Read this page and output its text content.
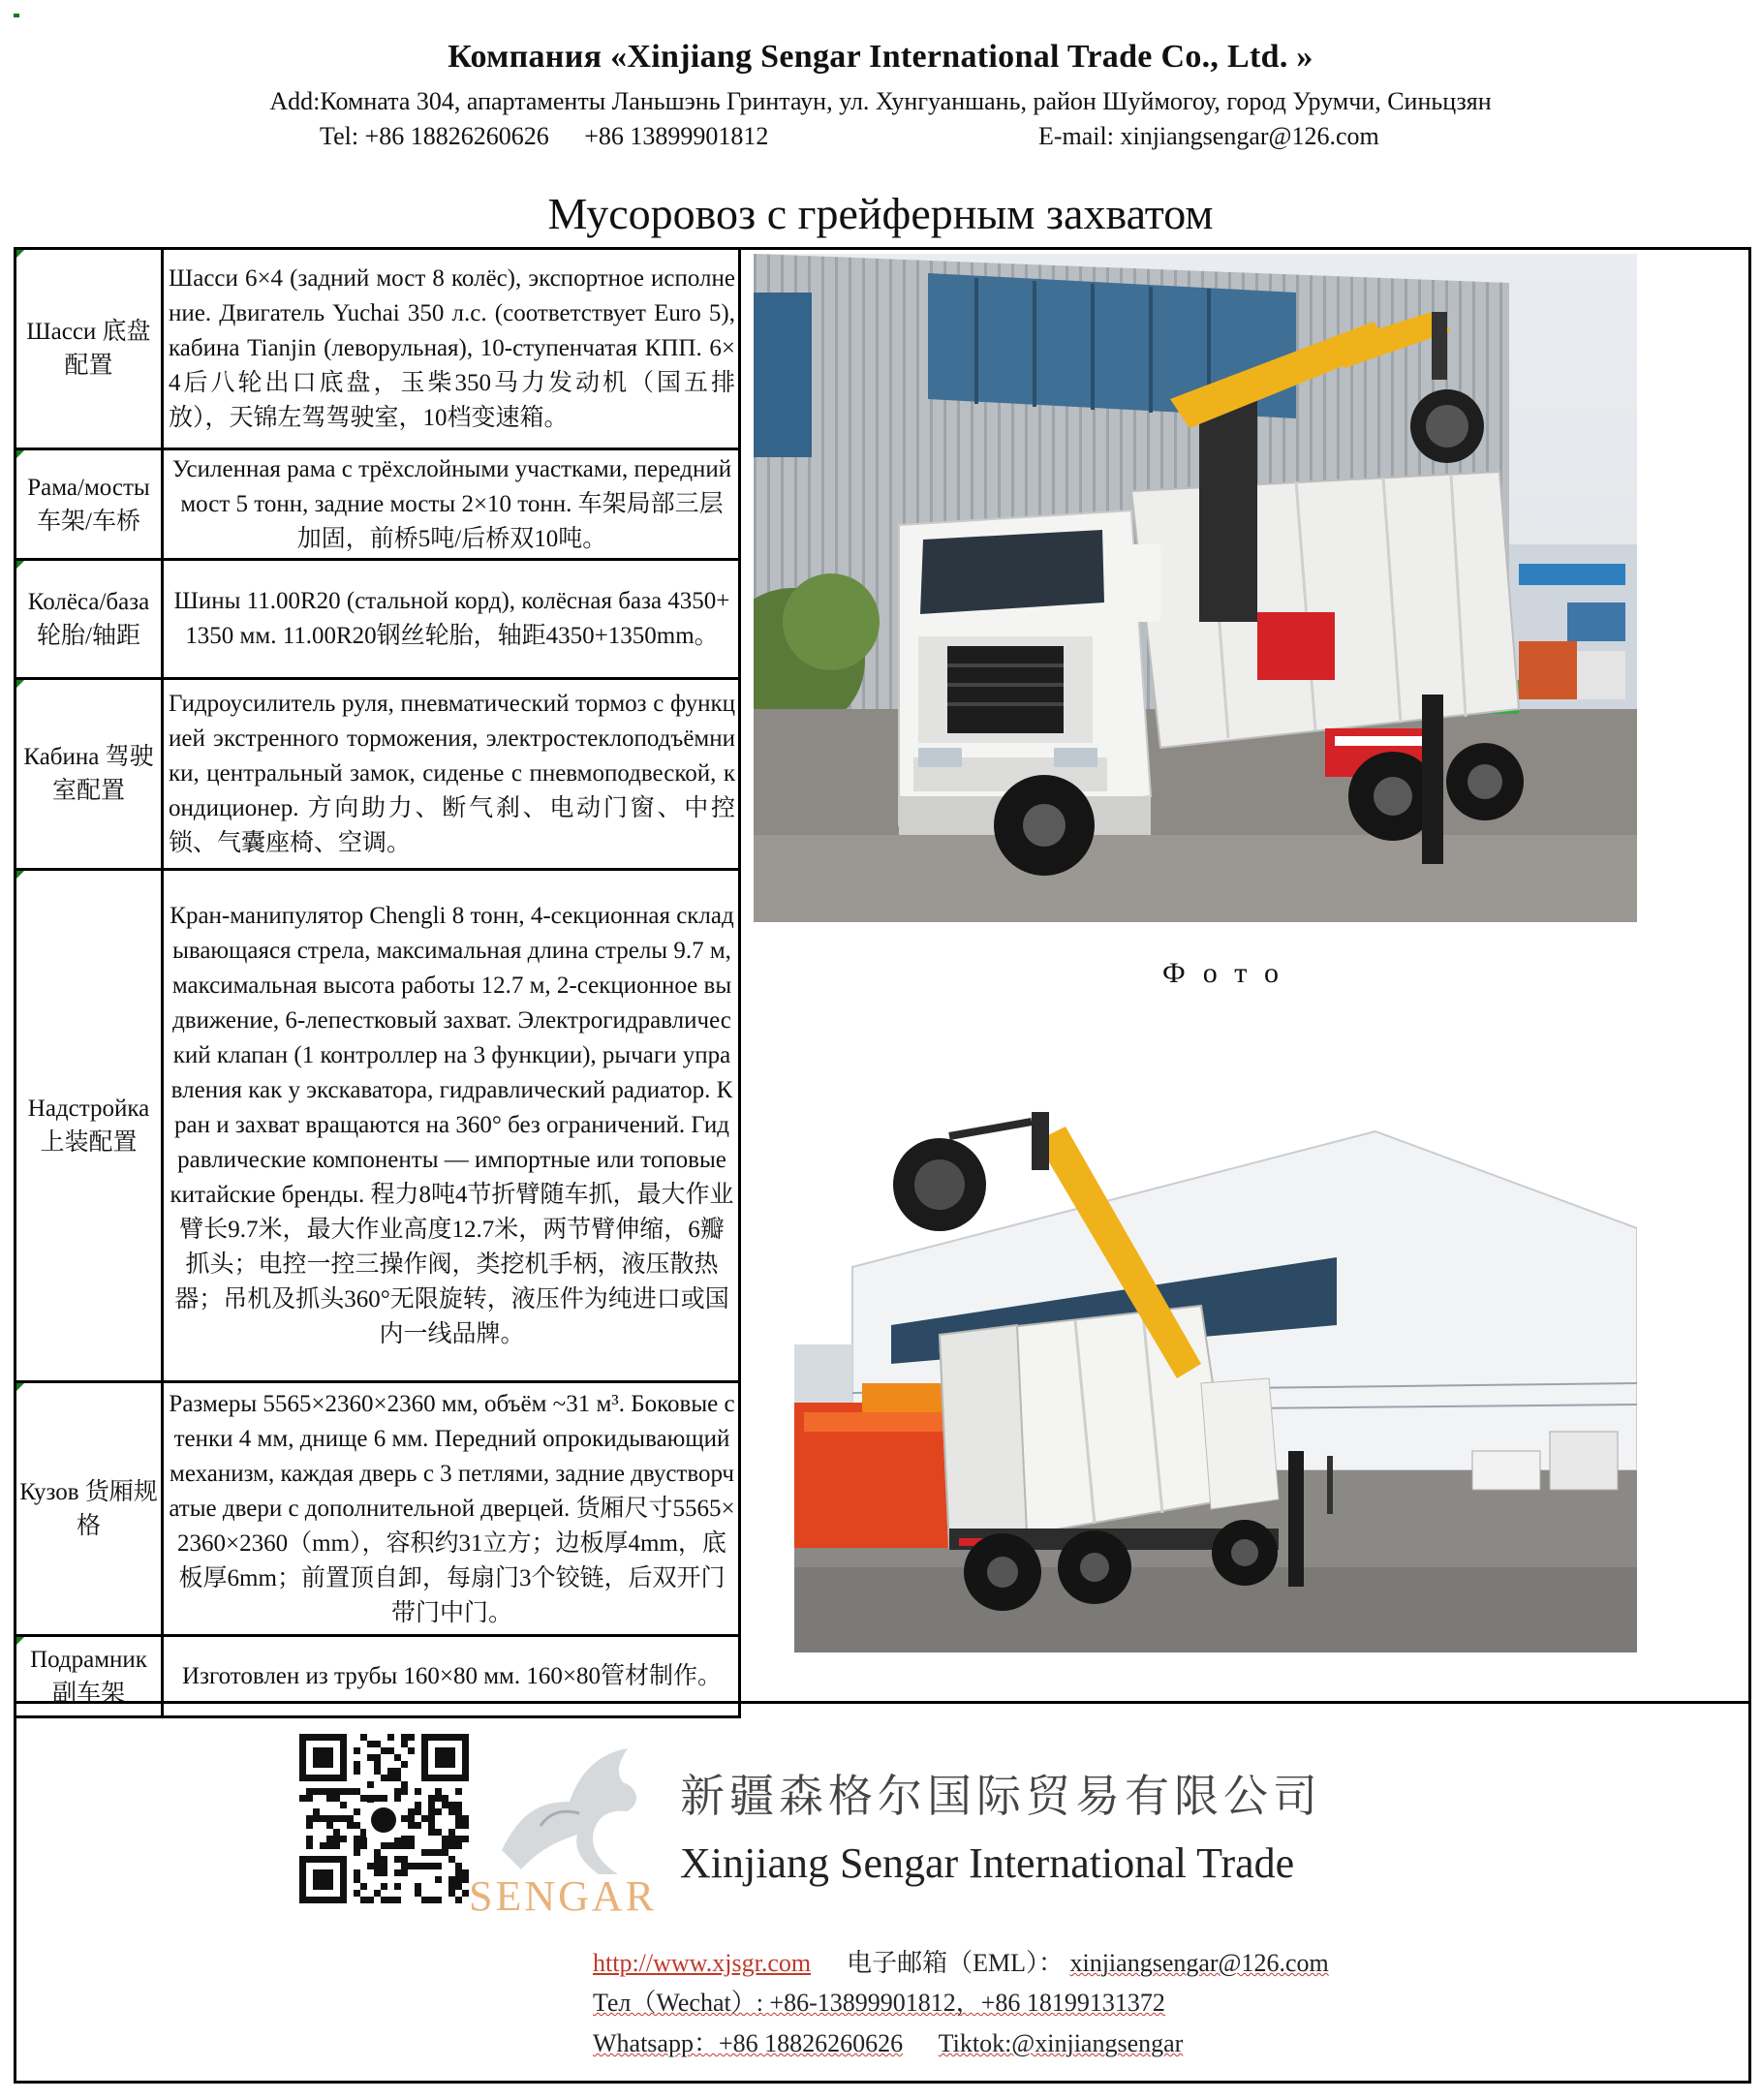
Компания «Xinjiang Sengar International Trade Co., Ltd. »
Add:Комната 304, апартаменты Ланьшэнь Гринтаун, ул. Хунгуаншань, район Шуймогоу, город Урумчи, Синьцзян
Tel: +86 18826260626 +86 13899901812	E-mail: xinjiangsengar@126.com
Мусоровоз с грейферным захватом
Шасси 底盘配置	Шасси 6×4 (задний мост 8 колёс), экспортное исполнение. Двигатель Yuchai 350 л.с. (соответствует Euro 5), кабина Tianjin (леворульная), 10-ступенчатая КПП. 6×4后八轮出口底盘，玉柴350马力发动机（国五排放），天锦左驾驾驶室，10档变速箱。
Рама/мосты 车架/车桥	Усиленная рама с трёхслойными участками, передний мост 5 тонн, задние мосты 2×10 тонн. 车架局部三层加固，前桥5吨/后桥双10吨。
Колёса/база 轮胎/轴距	Шины 11.00R20 (стальной корд), колёсная база 4350+1350 мм. 11.00R20钢丝轮胎，轴距4350+1350mm。
Кабина 驾驶室配置	Гидроусилитель руля, пневматический тормоз с функцией экстренного торможения, электростеклоподъёмники, центральный замок, сиденье с пневмоподвеской, кондиционер. 方向助力、断气刹、电动门窗、中控锁、气囊座椅、空调。
Надстройка 上装配置	Кран-манипулятор Chengli 8 тонн, 4-секционная складывающаяся стрела, максимальная длина стрелы 9.7 м, максимальная высота работы 12.7 м, 2-секционное выдвижение, 6-лепестковый захват. Электрогидравлический клапан (1 контроллер на 3 функции), рычаги управления как у экскаватора, гидравлический радиатор. Кран и захват вращаются на 360° без ограничений. Гидравлические компоненты — импортные или топовые китайские бренды. 程力8吨4节折臂随车抓，最大作业臂长9.7米，最大作业高度12.7米，两节臂伸缩，6瓣抓头；电控一控三操作阀，类挖机手柄，液压散热器；吊机及抓头360°无限旋转，液压件为纯进口或国内一线品牌。
Кузов 货厢规格	Размеры 5565×2360×2360 мм, объём ~31 м³. Боковые стенки 4 мм, днище 6 мм. Передний опрокидывающий механизм, каждая дверь с 3 петлями, задние двустворчатые двери с дополнительной дверцей. 货厢尺寸5565×2360×2360（mm），容积约31立方；边板厚4mm，底板厚6mm；前置顶自卸，每扇门3个铰链，后双开门带门中门。
Подрамник 副车架	Изготовлен из трубы 160×80 мм. 160×80管材制作。
Фото
SENGAR
新疆森格尔国际贸易有限公司
Xinjiang Sengar International Trade
http://www.xjsgr.com 电子邮箱（EML）： xinjiangsengar@126.com
Тел（Wechat）: +86-13899901812，+86 18199131372
Whatsapp：+86 18826260626 Tiktok:@xinjiangsengar
